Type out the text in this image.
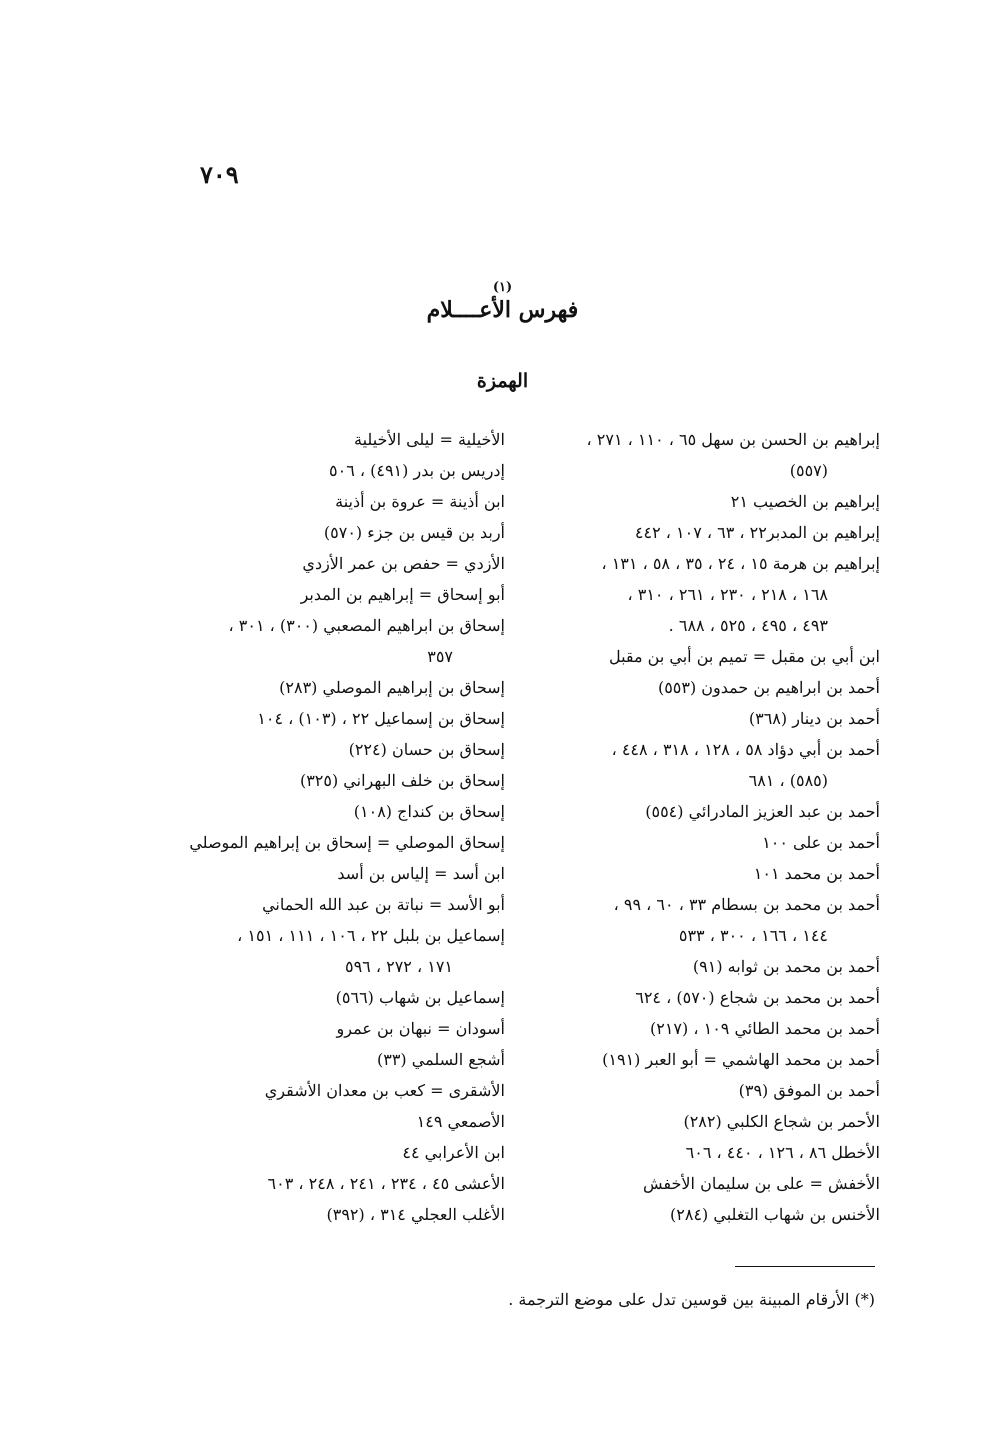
٧٠٩
(١)
فهرس الأعــــلام
الهمزة
إبراهيم بن الحسن بن سهل ٦٥ ، ١١٠ ، ٢٧١ ،
(٥٥٧)
إبراهيم بن الخصيب ٢١
إبراهيم بن المدبر٢٢ ، ٦٣ ، ١٠٧ ، ٤٤٢
إبراهيم بن هرمة ١٥ ، ٢٤ ، ٣٥ ، ٥٨ ، ١٣١ ،
١٦٨ ، ٢١٨ ، ٢٣٠ ، ٢٦١ ، ٣١٠ ،
٤٩٣ ، ٤٩٥ ، ٥٢٥ ، ٦٨٨ .
ابن أبي بن مقبل = تميم بن أبي بن مقبل
أحمد بن ابراهيم بن حمدون (٥٥٣)
أحمد بن دينار (٣٦٨)
أحمد بن أبي دؤاد ٥٨ ، ١٢٨ ، ٣١٨ ، ٤٤٨ ،
(٥٨٥) ، ٦٨١
أحمد بن عبد العزيز المادرائي (٥٥٤)
أحمد بن على ١٠٠
أحمد بن محمد ١٠١
أحمد بن محمد بن بسطام ٣٣ ، ٦٠ ، ٩٩ ،
١٤٤ ، ١٦٦ ، ٣٠٠ ، ٥٣٣
أحمد بن محمد بن ثوابه (٩١)
أحمد بن محمد بن شجاع (٥٧٠) ، ٦٢٤
أحمد بن محمد الطائي ١٠٩ ، (٢١٧)
أحمد بن محمد الهاشمي = أبو العبر (١٩١)
أحمد بن الموفق (٣٩)
الأحمر بن شجاع الكلبي (٢٨٢)
الأخطل ٨٦ ، ١٢٦ ، ٤٤٠ ، ٦٠٦
الأخفش = على بن سليمان الأخفش
الأخنس بن شهاب التغلبي (٢٨٤)
الأخيلية = ليلى الأخيلية
إدريس بن بدر (٤٩١) ، ٥٠٦
ابن أذينة = عروة بن أذينة
أربد بن قيس بن جزء (٥٧٠)
الأزدي = حفص بن عمر الأزدي
أبو إسحاق = إبراهيم بن المدبر
إسحاق بن ابراهيم المصعبي (٣٠٠) ، ٣٠١ ،
٣٥٧
إسحاق بن إبراهيم الموصلي (٢٨٣)
إسحاق بن إسماعيل ٢٢ ، (١٠٣) ، ١٠٤
إسحاق بن حسان (٢٢٤)
إسحاق بن خلف البهراني (٣٢٥)
إسحاق بن كنداج (١٠٨)
إسحاق الموصلي = إسحاق بن إبراهيم الموصلي
ابن أسد = إلياس بن أسد
أبو الأسد = نباتة بن عبد الله الحماني
إسماعيل بن بلبل ٢٢ ، ١٠٦ ، ١١١ ، ١٥١ ،
١٧١ ، ٢٧٢ ، ٥٩٦
إسماعيل بن شهاب (٥٦٦)
أسودان = نبهان بن عمرو
أشجع السلمي (٣٣)
الأشقرى = كعب بن معدان الأشقري
الأصمعي ١٤٩
ابن الأعرابي ٤٤
الأعشى ٤٥ ، ٢٣٤ ، ٢٤١ ، ٢٤٨ ، ٦٠٣
الأغلب العجلي ٣١٤ ، (٣٩٢)
(*) الأرقام المبينة بين قوسين تدل على موضع الترجمة .
